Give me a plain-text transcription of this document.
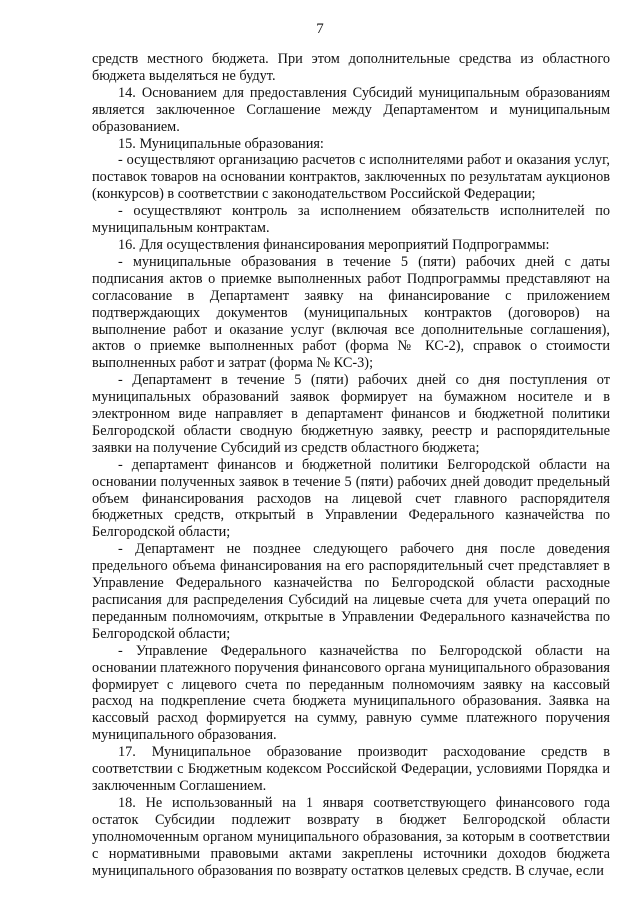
7

средств местного бюджета. При этом дополнительные средства из областного бюджета выделяться не будут.

14. Основанием для предоставления Субсидий муниципальным образованиям является заключенное Соглашение между Департаментом и муниципальным образованием.

15. Муниципальные образования:

- осуществляют организацию расчетов с исполнителями работ и оказания услуг, поставок товаров на основании контрактов, заключенных по результатам аукционов (конкурсов) в соответствии с законодательством Российской Федерации;

- осуществляют контроль за исполнением обязательств исполнителей по муниципальным контрактам.

16. Для осуществления финансирования мероприятий Подпрограммы:

- муниципальные образования в течение 5 (пяти) рабочих дней с даты подписания актов о приемке выполненных работ Подпрограммы представляют на согласование в Департамент заявку на финансирование с приложением подтверждающих документов (муниципальных контрактов (договоров) на выполнение работ и оказание услуг (включая все дополнительные соглашения), актов о приемке выполненных работ (форма № КС-2), справок о стоимости выполненных работ и затрат (форма № КС-3);

- Департамент в течение 5 (пяти) рабочих дней со дня поступления от муниципальных образований заявок формирует на бумажном носителе и в электронном виде направляет в департамент финансов и бюджетной политики Белгородской области сводную бюджетную заявку, реестр и распорядительные заявки на получение Субсидий из средств областного бюджета;

- департамент финансов и бюджетной политики Белгородской области на основании полученных заявок в течение 5 (пяти) рабочих дней доводит предельный объем финансирования расходов на лицевой счет главного распорядителя бюджетных средств, открытый в Управлении Федерального казначейства по Белгородской области;

- Департамент не позднее следующего рабочего дня после доведения предельного объема финансирования на его распорядительный счет представляет в Управление Федерального казначейства по Белгородской области расходные расписания для распределения Субсидий на лицевые счета для учета операций по переданным полномочиям, открытые в Управлении Федерального казначейства по Белгородской области;

- Управление Федерального казначейства по Белгородской области на основании платежного поручения финансового органа муниципального образования формирует с лицевого счета по переданным полномочиям заявку на кассовый расход на подкрепление счета бюджета муниципального образования. Заявка на кассовый расход формируется на сумму, равную сумме платежного поручения муниципального образования.

17. Муниципальное образование производит расходование средств в соответствии с Бюджетным кодексом Российской Федерации, условиями Порядка и заключенным Соглашением.

18. Не использованный на 1 января соответствующего финансового года остаток Субсидии подлежит возврату в бюджет Белгородской области уполномоченным органом муниципального образования, за которым в соответствии с нормативными правовыми актами закреплены источники доходов бюджета муниципального образования по возврату остатков целевых средств. В случае, если
